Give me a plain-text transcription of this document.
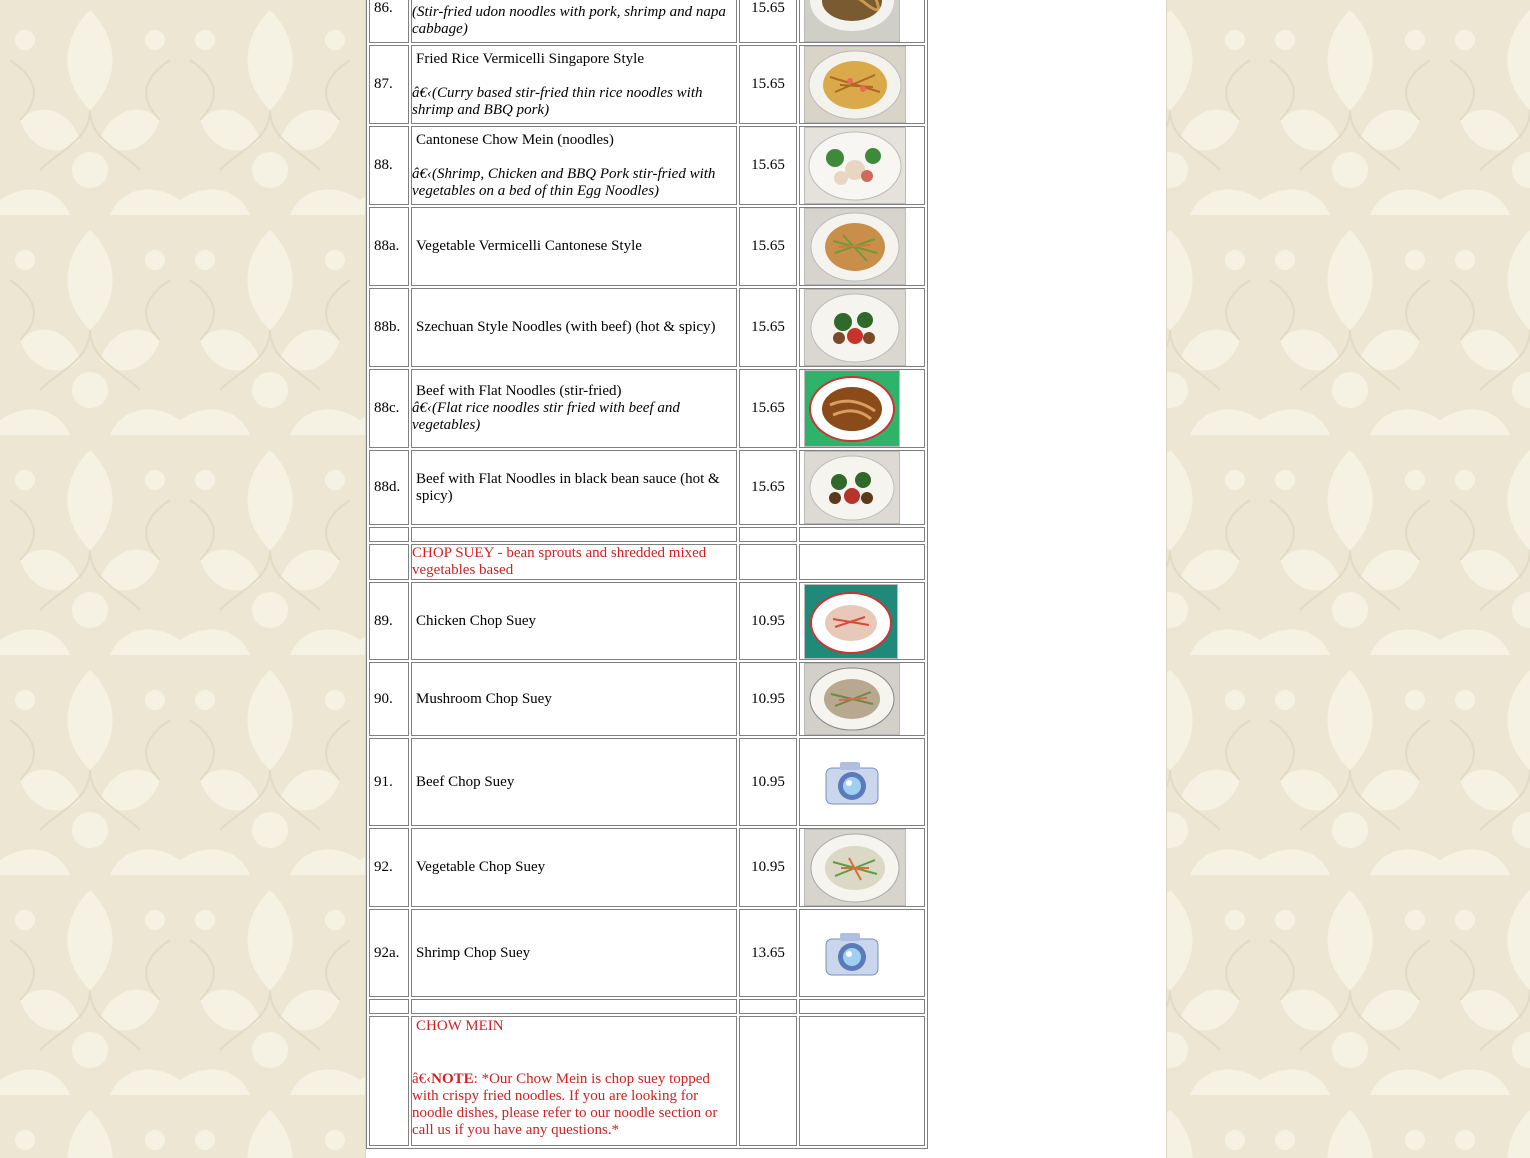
86.	(Stir-fried udon noodles with pork, shrimp and napa cabbage)	15.65	

87.	Fried Rice Vermicelli Singapore Style
â€‹(Curry based stir-fried thin rice noodles with shrimp and BBQ pork)	15.65	

88.	Cantonese Chow Mein (noodles)
â€‹(Shrimp, Chicken and BBQ Pork stir-fried with vegetables on a bed of thin Egg Noodles)	15.65	

88a.	Vegetable Vermicelli Cantonese Style	15.65	

88b.	Szechuan Style Noodles (with beef) (hot & spicy)	15.65	

88c.	Beef with Flat Noodles (stir-fried)
â€‹(Flat rice noodles stir fried with beef and vegetables)	15.65	

88d.	Beef with Flat Noodles in black bean sauce (hot & spicy)	15.65	

	CHOP SUEY - bean sprouts and shredded mixed vegetables based		

89.	Chicken Chop Suey	10.95	

90.	Mushroom Chop Suey	10.95	

91.	Beef Chop Suey	10.95	

92.	Vegetable Chop Suey	10.95	

92a.	Shrimp Chop Suey	13.65	

	CHOW MEIN
â€‹NOTE: *Our Chow Mein is chop suey topped with crispy fried noodles. If you are looking for noodle dishes, please refer to our noodle section or call us if you have any questions.*		
